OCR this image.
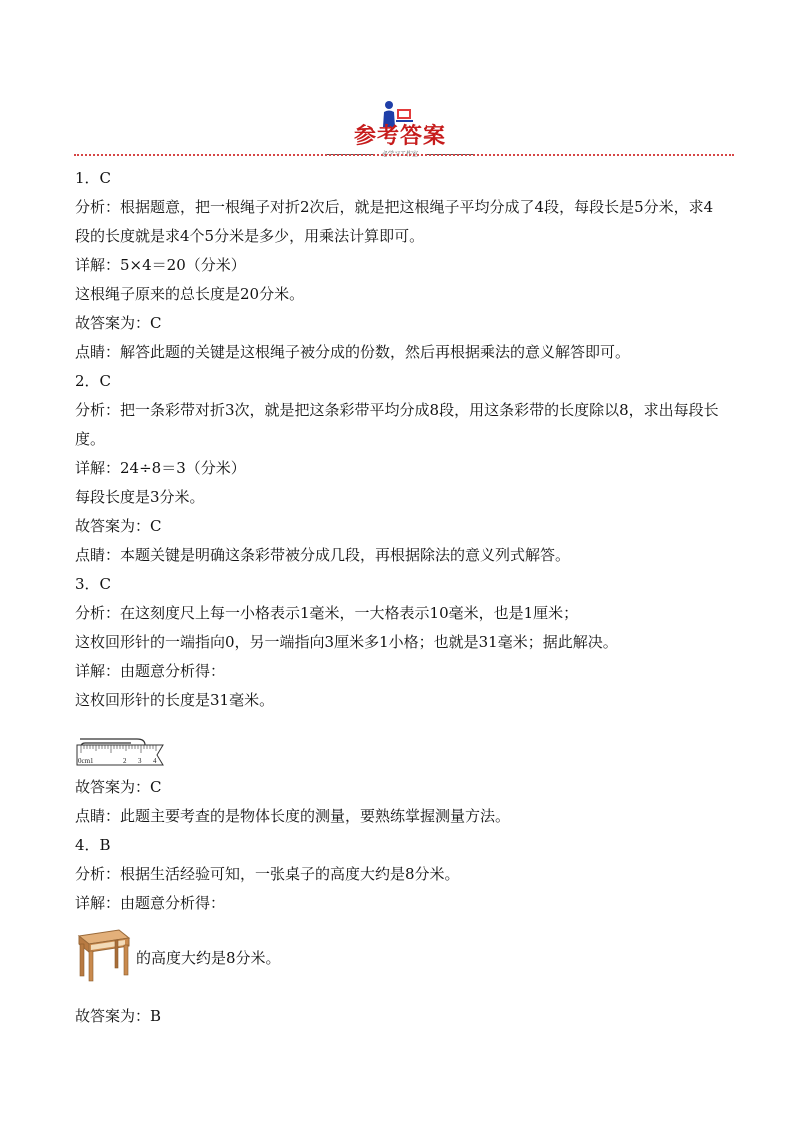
参考答案
必学习工作室
1．C
分析：根据题意，把一根绳子对折2次后，就是把这根绳子平均分成了4段，每段长是5分米，求4段的长度就是求4个5分米是多少，用乘法计算即可。
详解：5×4＝20（分米）
这根绳子原来的总长度是20分米。
故答案为：C
点睛：解答此题的关键是这根绳子被分成的份数，然后再根据乘法的意义解答即可。
2．C
分析：把一条彩带对折3次，就是把这条彩带平均分成8段，用这条彩带的长度除以8，求出每段长度。
详解：24÷8＝3（分米）
每段长度是3分米。
故答案为：C
点睛：本题关键是明确这条彩带被分成几段，再根据除法的意义列式解答。
3．C
分析：在这刻度尺上每一小格表示1毫米，一大格表示10毫米，也是1厘米；
这枚回形针的一端指向0，另一端指向3厘米多1小格；也就是31毫米；据此解决。
详解：由题意分析得：
这枚回形针的长度是31毫米。
0cm1	2 3 4
故答案为：C
点睛：此题主要考查的是物体长度的测量，要熟练掌握测量方法。
4．B
分析：根据生活经验可知，一张桌子的高度大约是8分米。
详解：由题意分析得：
的高度大约是8分米。
故答案为：B
